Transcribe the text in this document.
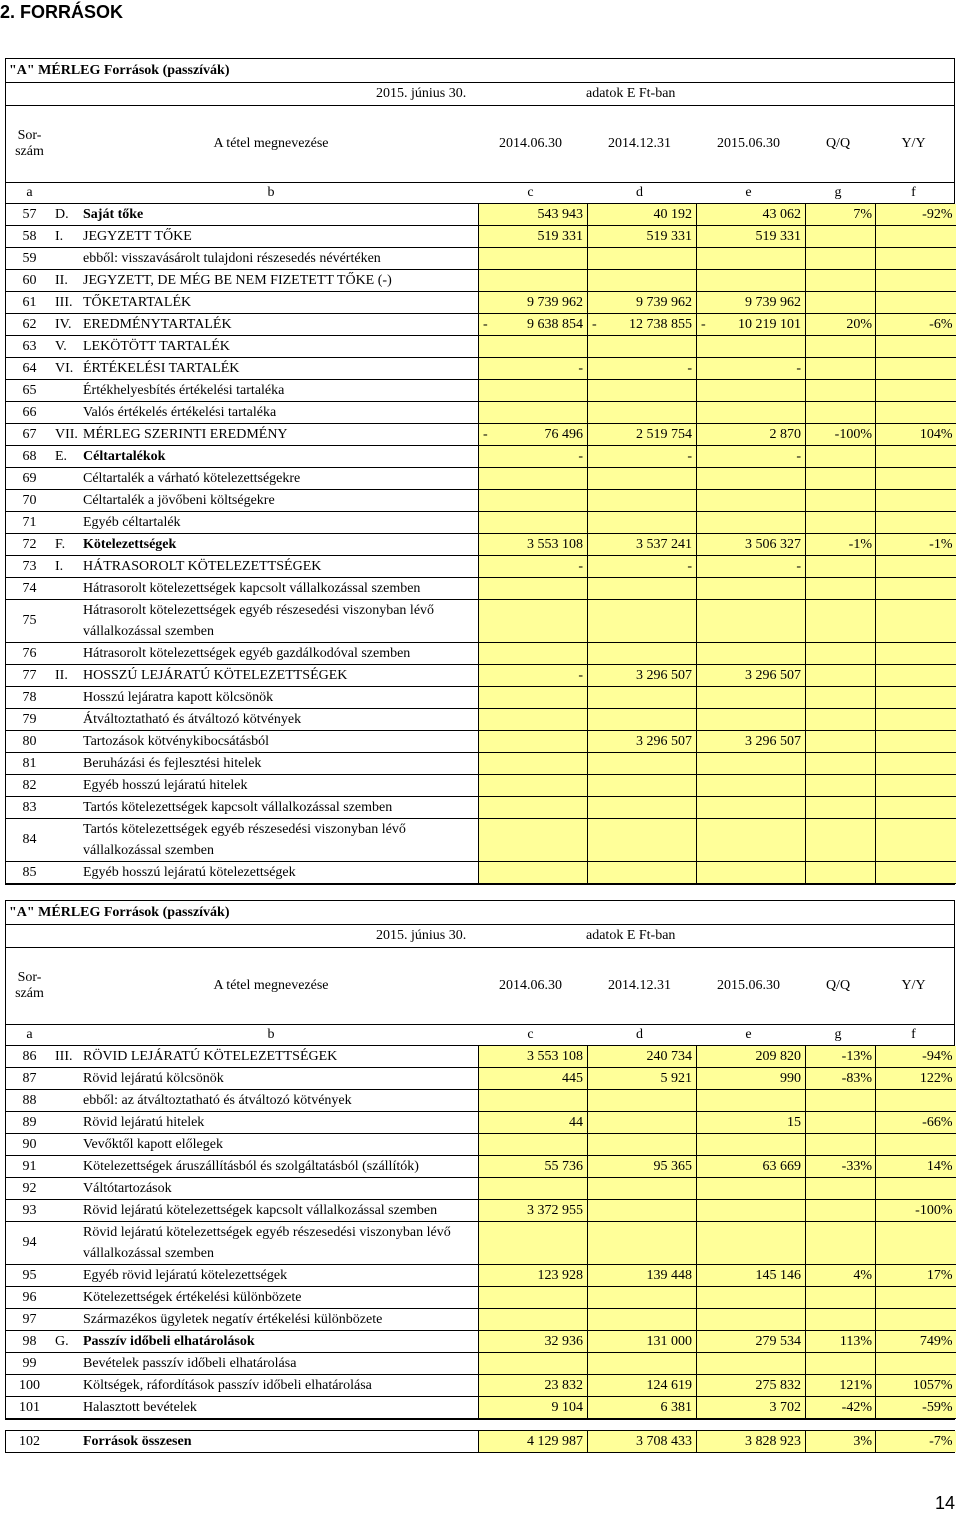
2. FORRÁSOK
"A" MÉRLEG Források (passzívák)
2015. június 30.	adatok E Ft-ban
Sor- szám
A tétel megnevezése	2014.06.30	2014.12.31	2015.06.30	Q/Q	Y/Y
a	b	c	d	e	g	f
57	D.	Saját tőke	543 943	40 192	43 062	7%	-92%
58	I.	JEGYZETT TŐKE	519 331	519 331	519 331		
59		ebből: visszavásárolt tulajdoni részesedés névértéken					
60	II.	JEGYZETT, DE MÉG BE NEM FIZETETT TŐKE (-)					
61	III.	TŐKETARTALÉK	9 739 962	9 739 962	9 739 962		
62	IV.	EREDMÉNYTARTALÉK	- 9 638 854	- 12 738 855	- 10 219 101	20%	-6%
63	V.	LEKÖTÖTT TARTALÉK					
64	VI.	ÉRTÉKELÉSI TARTALÉK	-	-	-		
65		Értékhelyesbítés értékelési tartaléka					
66		Valós értékelés értékelési tartaléka					
67	VII.	MÉRLEG SZERINTI EREDMÉNY	- 76 496	2 519 754	2 870	-100%	104%
68	E.	Céltartalékok	-	-	-		
69		Céltartalék a várható kötelezettségekre					
70		Céltartalék a jövőbeni költségekre					
71		Egyéb céltartalék					
72	F.	Kötelezettségek	3 553 108	3 537 241	3 506 327	-1%	-1%
73	I.	HÁTRASOROLT KÖTELEZETTSÉGEK	-	-	-		
74		Hátrasorolt kötelezettségek kapcsolt vállalkozással szemben					
75		Hátrasorolt kötelezettségek egyéb részesedési viszonyban lévő vállalkozással szemben					
76		Hátrasorolt kötelezettségek egyéb gazdálkodóval szemben					
77	II.	HOSSZÚ LEJÁRATÚ KÖTELEZETTSÉGEK	-	3 296 507	3 296 507		
78		Hosszú lejáratra kapott kölcsönök					
79		Átváltoztatható és átváltozó kötvények					
80		Tartozások kötvénykibocsátásból		3 296 507	3 296 507		
81		Beruházási és fejlesztési hitelek					
82		Egyéb hosszú lejáratú hitelek					
83		Tartós kötelezettségek kapcsolt vállalkozással szemben					
84		Tartós kötelezettségek egyéb részesedési viszonyban lévő vállalkozással szemben					
85		Egyéb hosszú lejáratú kötelezettségek					
"A" MÉRLEG Források (passzívák)
2015. június 30.	adatok E Ft-ban
Sor- szám
A tétel megnevezése	2014.06.30	2014.12.31	2015.06.30	Q/Q	Y/Y
a	b	c	d	e	g	f
86	III.	RÖVID LEJÁRATÚ KÖTELEZETTSÉGEK	3 553 108	240 734	209 820	-13%	-94%
87		Rövid lejáratú kölcsönök	445	5 921	990	-83%	122%
88		ebből: az átváltoztatható és átváltozó kötvények					
89		Rövid lejáratú hitelek	44		15		-66%
90		Vevőktől kapott előlegek					
91		Kötelezettségek áruszállításból és szolgáltatásból (szállítók)	55 736	95 365	63 669	-33%	14%
92		Váltótartozások					
93		Rövid lejáratú kötelezettségek kapcsolt vállalkozással szemben	3 372 955				-100%
94		Rövid lejáratú kötelezettségek egyéb részesedési viszonyban lévő vállalkozással szemben					
95		Egyéb rövid lejáratú kötelezettségek	123 928	139 448	145 146	4%	17%
96		Kötelezettségek értékelési különbözete					
97		Származékos ügyletek negatív értékelési különbözete					
98	G.	Passzív időbeli elhatárolások	32 936	131 000	279 534	113%	749%
99		Bevételek passzív időbeli elhatárolása					
100		Költségek, ráfordítások passzív időbeli elhatárolása	23 832	124 619	275 832	121%	1057%
101		Halasztott bevételek	9 104	6 381	3 702	-42%	-59%
102		Források összesen	4 129 987	3 708 433	3 828 923	3%	-7%
14
